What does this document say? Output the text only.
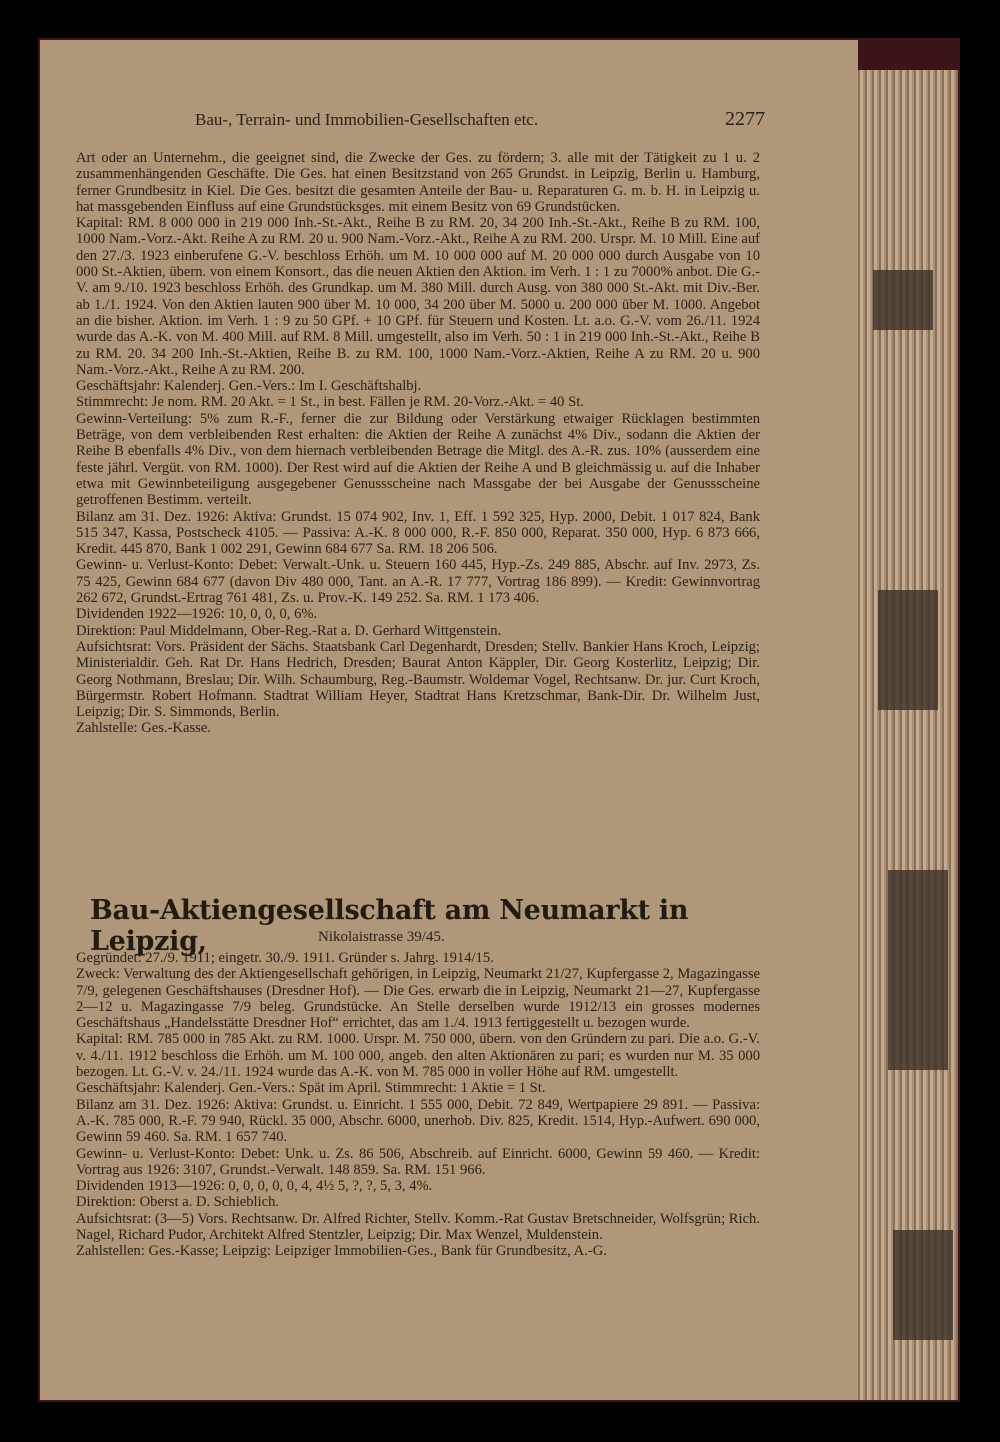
Bau-, Terrain- und Immobilien-Gesellschaften etc.	2277

Art oder an Unternehm., die geeignet sind, die Zwecke der Ges. zu fördern; 3. alle mit der Tätigkeit zu 1 u. 2 zusammenhängenden Geschäfte. Die Ges. hat einen Besitzstand von 265 Grundst. in Leipzig, Berlin u. Hamburg, ferner Grundbesitz in Kiel. Die Ges. besitzt die gesamten Anteile der Bau- u. Reparaturen G. m. b. H. in Leipzig u. hat massgebenden Einfluss auf eine Grundstücksges. mit einem Besitz von 69 Grundstücken.

Kapital: RM. 8 000 000 in 219 000 Inh.-St.-Akt., Reihe B zu RM. 20, 34 200 Inh.-St.-Akt., Reihe B zu RM. 100, 1000 Nam.-Vorz.-Akt. Reihe A zu RM. 20 u. 900 Nam.-Vorz.-Akt., Reihe A zu RM. 200. Urspr. M. 10 Mill. Eine auf den 27./3. 1923 einberufene G.-V. beschloss Erhöh. um M. 10 000 000 auf M. 20 000 000 durch Ausgabe von 10 000 St.-Aktien, übern. von einem Konsort., das die neuen Aktien den Aktion. im Verh. 1 : 1 zu 7000% anbot. Die G.-V. am 9./10. 1923 beschloss Erhöh. des Grundkap. um M. 380 Mill. durch Ausg. von 380 000 St.-Akt. mit Div.-Ber. ab 1./1. 1924. Von den Aktien lauten 900 über M. 10 000, 34 200 über M. 5000 u. 200 000 über M. 1000. Angebot an die bisher. Aktion. im Verh. 1 : 9 zu 50 GPf. + 10 GPf. für Steuern und Kosten. Lt. a.o. G.-V. vom 26./11. 1924 wurde das A.-K. von M. 400 Mill. auf RM. 8 Mill. umgestellt, also im Verh. 50 : 1 in 219 000 Inh.-St.-Akt., Reihe B zu RM. 20. 34 200 Inh.-St.-Aktien, Reihe B. zu RM. 100, 1000 Nam.-Vorz.-Aktien, Reihe A zu RM. 20 u. 900 Nam.-Vorz.-Akt., Reihe A zu RM. 200.

Geschäftsjahr: Kalenderj. Gen.-Vers.: Im I. Geschäftshalbj.

Stimmrecht: Je nom. RM. 20 Akt. = 1 St., in best. Fällen je RM. 20-Vorz.-Akt. = 40 St.

Gewinn-Verteilung: 5% zum R.-F., ferner die zur Bildung oder Verstärkung etwaiger Rücklagen bestimmten Beträge, von dem verbleibenden Rest erhalten: die Aktien der Reihe A zunächst 4% Div., sodann die Aktien der Reihe B ebenfalls 4% Div., von dem hiernach verbleibenden Betrage die Mitgl. des A.-R. zus. 10% (ausserdem eine feste jährl. Vergüt. von RM. 1000). Der Rest wird auf die Aktien der Reihe A und B gleichmässig u. auf die Inhaber etwa mit Gewinnbeteiligung ausgegebener Genussscheine nach Massgabe der bei Ausgabe der Genussscheine getroffenen Bestimm. verteilt.

Bilanz am 31. Dez. 1926: Aktiva: Grundst. 15 074 902, Inv. 1, Eff. 1 592 325, Hyp. 2000, Debit. 1 017 824, Bank 515 347, Kassa, Postscheck 4105. — Passiva: A.-K. 8 000 000, R.-F. 850 000, Reparat. 350 000, Hyp. 6 873 666, Kredit. 445 870, Bank 1 002 291, Gewinn 684 677 Sa. RM. 18 206 506.

Gewinn- u. Verlust-Konto: Debet: Verwalt.-Unk. u. Steuern 160 445, Hyp.-Zs. 249 885, Abschr. auf Inv. 2973, Zs. 75 425, Gewinn 684 677 (davon Div 480 000, Tant. an A.-R. 17 777, Vortrag 186 899). — Kredit: Gewinnvortrag 262 672, Grundst.-Ertrag 761 481, Zs. u. Prov.-K. 149 252. Sa. RM. 1 173 406.

Dividenden 1922—1926: 10, 0, 0, 0, 6%.

Direktion: Paul Middelmann, Ober-Reg.-Rat a. D. Gerhard Wittgenstein.

Aufsichtsrat: Vors. Präsident der Sächs. Staatsbank Carl Degenhardt, Dresden; Stellv. Bankier Hans Kroch, Leipzig; Ministerialdir. Geh. Rat Dr. Hans Hedrich, Dresden; Baurat Anton Käppler, Dir. Georg Kosterlitz, Leipzig; Dir. Georg Nothmann, Breslau; Dir. Wilh. Schaumburg, Reg.-Baumstr. Woldemar Vogel, Rechtsanw. Dr. jur. Curt Kroch, Bürgermstr. Robert Hofmann. Stadtrat William Heyer, Stadtrat Hans Kretzschmar, Bank-Dir. Dr. Wilhelm Just, Leipzig; Dir. S. Simmonds, Berlin.

Zahlstelle: Ges.-Kasse.

Bau-Aktiengesellschaft am Neumarkt in Leipzig,	Nikolaistrasse 39/45.

Gegründet: 27./9. 1911; eingetr. 30./9. 1911. Gründer s. Jahrg. 1914/15.

Zweck: Verwaltung des der Aktiengesellschaft gehörigen, in Leipzig, Neumarkt 21/27, Kupfergasse 2, Magazingasse 7/9, gelegenen Geschäftshauses (Dresdner Hof). — Die Ges. erwarb die in Leipzig, Neumarkt 21—27, Kupfergasse 2—12 u. Magazingasse 7/9 beleg. Grundstücke. An Stelle derselben wurde 1912/13 ein grosses modernes Geschäftshaus „Handelsstätte Dresdner Hof“ errichtet, das am 1./4. 1913 fertiggestellt u. bezogen wurde.

Kapital: RM. 785 000 in 785 Akt. zu RM. 1000. Urspr. M. 750 000, übern. von den Gründern zu pari. Die a.o. G.-V. v. 4./11. 1912 beschloss die Erhöh. um M. 100 000, angeb. den alten Aktionären zu pari; es wurden nur M. 35 000 bezogen. Lt. G.-V. v. 24./11. 1924 wurde das A.-K. von M. 785 000 in voller Höhe auf RM. umgestellt.

Geschäftsjahr: Kalenderj. Gen.-Vers.: Spät im April. Stimmrecht: 1 Aktie = 1 St.

Bilanz am 31. Dez. 1926: Aktiva: Grundst. u. Einricht. 1 555 000, Debit. 72 849, Wertpapiere 29 891. — Passiva: A.-K. 785 000, R.-F. 79 940, Rückl. 35 000, Abschr. 6000, unerhob. Div. 825, Kredit. 1514, Hyp.-Aufwert. 690 000, Gewinn 59 460. Sa. RM. 1 657 740.

Gewinn- u. Verlust-Konto: Debet: Unk. u. Zs. 86 506, Abschreib. auf Einricht. 6000, Gewinn 59 460. — Kredit: Vortrag aus 1926: 3107, Grundst.-Verwalt. 148 859. Sa. RM. 151 966.

Dividenden 1913—1926: 0, 0, 0, 0, 0, 4, 4½ 5, ?, ?, 5, 3, 4%.

Direktion: Oberst a. D. Schieblich.

Aufsichtsrat: (3—5) Vors. Rechtsanw. Dr. Alfred Richter, Stellv. Komm.-Rat Gustav Bretschneider, Wolfsgrün; Rich. Nagel, Richard Pudor, Architekt Alfred Stentzler, Leipzig; Dir. Max Wenzel, Muldenstein.

Zahlstellen: Ges.-Kasse; Leipzig: Leipziger Immobilien-Ges., Bank für Grundbesitz, A.-G.
